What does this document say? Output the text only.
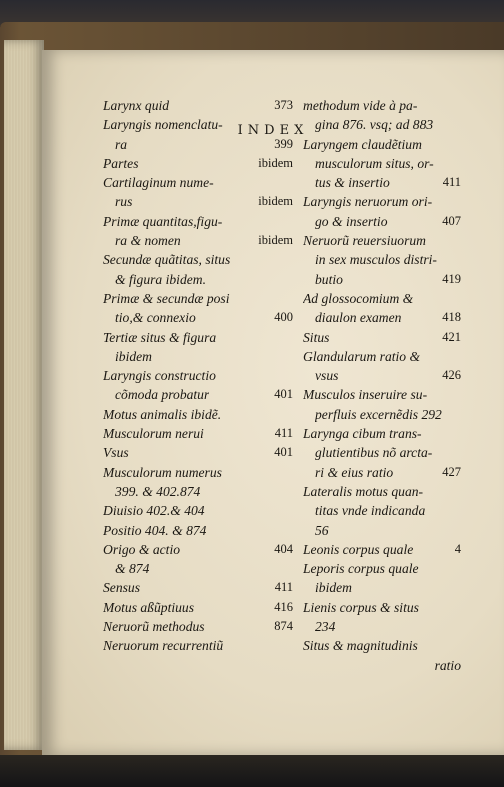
INDEX
Larynx quid	373
Laryngis nomenclatu-
ra	399
Partes	ibidem
Cartilaginum nume-
rus	ibidem
Primæ quantitas,figu-
ra & nomen	ibidem
Secundæ quãtitas, situs
& figura ibidem.
Primæ & secundæ posi
tio,& connexio	400
Tertiæ situs & figura
ibidem
Laryngis constructio
cõmoda probatur	401
Motus animalis ibidẽ.
Musculorum nerui	411
Vsus	401
Musculorum numerus
399. & 402.874
Diuisio 402.& 404
Positio 404. & 874
Origo & actio	404
& 874
Sensus	411
Motus aßũptiuus	416
Neruorũ methodus	874
Neruorum recurrentiũ
methodum vide à pa-
gina 876. vsq; ad 883
Laryngem claudẽtium
musculorum situs, or-
tus & insertio	411
Laryngis neruorum ori-
go & insertio	407
Neruorũ reuersiuorum
in sex musculos distri-
butio	419
Ad glossocomium &
diaulon examen	418
Situs	421
Glandularum ratio &
vsus	426
Musculos inseruire su-
perfluis excernẽdis 292
Larynga cibum trans-
glutientibus nõ arcta-
ri & eius ratio	427
Lateralis motus quan-
titas vnde indicanda
56
Leonis corpus quale	4
Leporis corpus quale
ibidem
Lienis corpus & situs
234
Situs & magnitudinis
ratio
